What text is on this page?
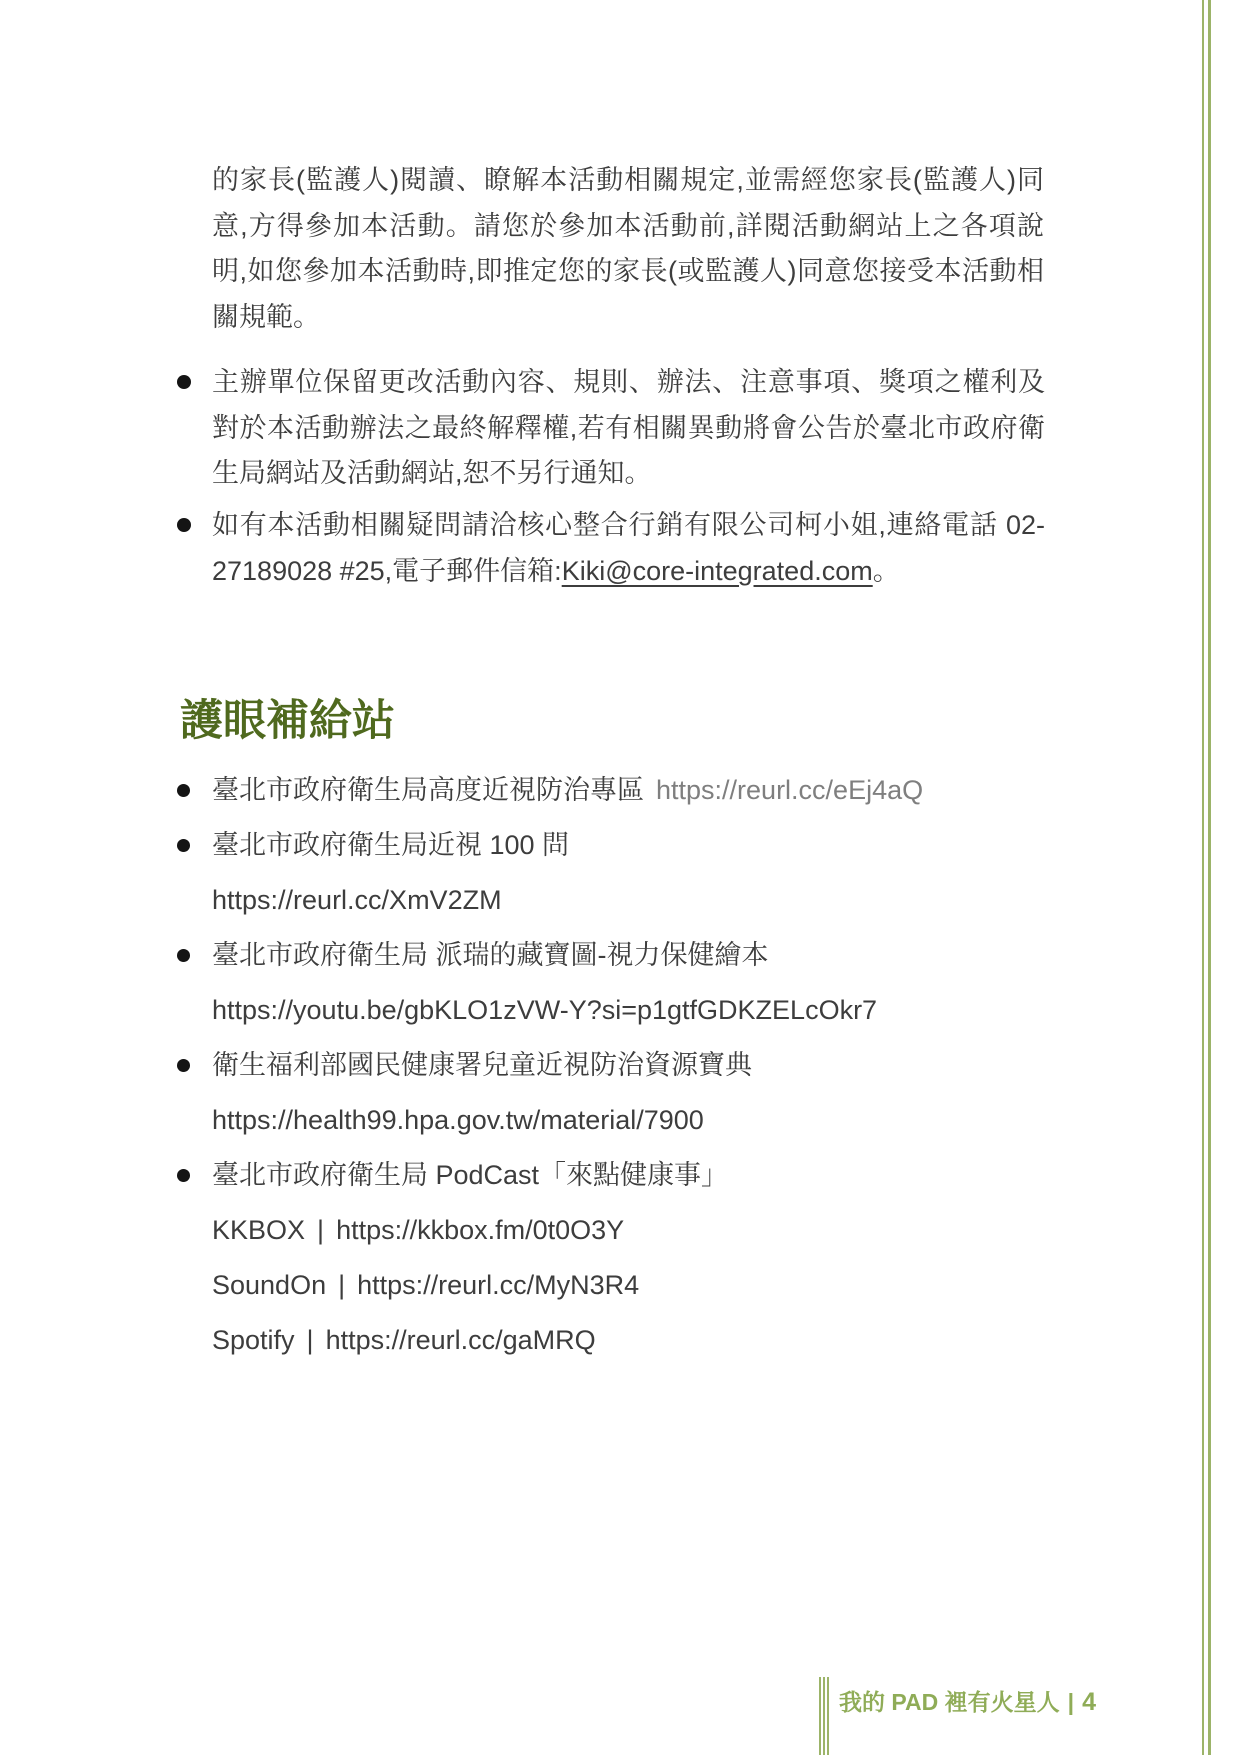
的家長(監護人)閱讀、瞭解本活動相關規定,並需經您家長(監護人)同意,方得參加本活動。請您於參加本活動前,詳閱活動網站上之各項說明,如您參加本活動時,即推定您的家長(或監護人)同意您接受本活動相關規範。
主辦單位保留更改活動內容、規則、辦法、注意事項、獎項之權利及對於本活動辦法之最終解釋權,若有相關異動將會公告於臺北市政府衛生局網站及活動網站,恕不另行通知。
如有本活動相關疑問請洽核心整合行銷有限公司柯小姐,連絡電話 02-27189028 #25,電子郵件信箱:Kiki@core-integrated.com。
護眼補給站
臺北市政府衛生局高度近視防治專區 https://reurl.cc/eEj4aQ
臺北市政府衛生局近視 100 問
https://reurl.cc/XmV2ZM
臺北市政府衛生局 派瑞的藏寶圖-視力保健繪本
https://youtu.be/gbKLO1zVW-Y?si=p1gtfGDKZELcOkr7
衛生福利部國民健康署兒童近視防治資源寶典
https://health99.hpa.gov.tw/material/7900
臺北市政府衛生局 PodCast「來點健康事」
KKBOX | https://kkbox.fm/0t0O3Y
SoundOn | https://reurl.cc/MyN3R4
Spotify | https://reurl.cc/gaMRQ
我的 PAD 裡有火星人 | 4
